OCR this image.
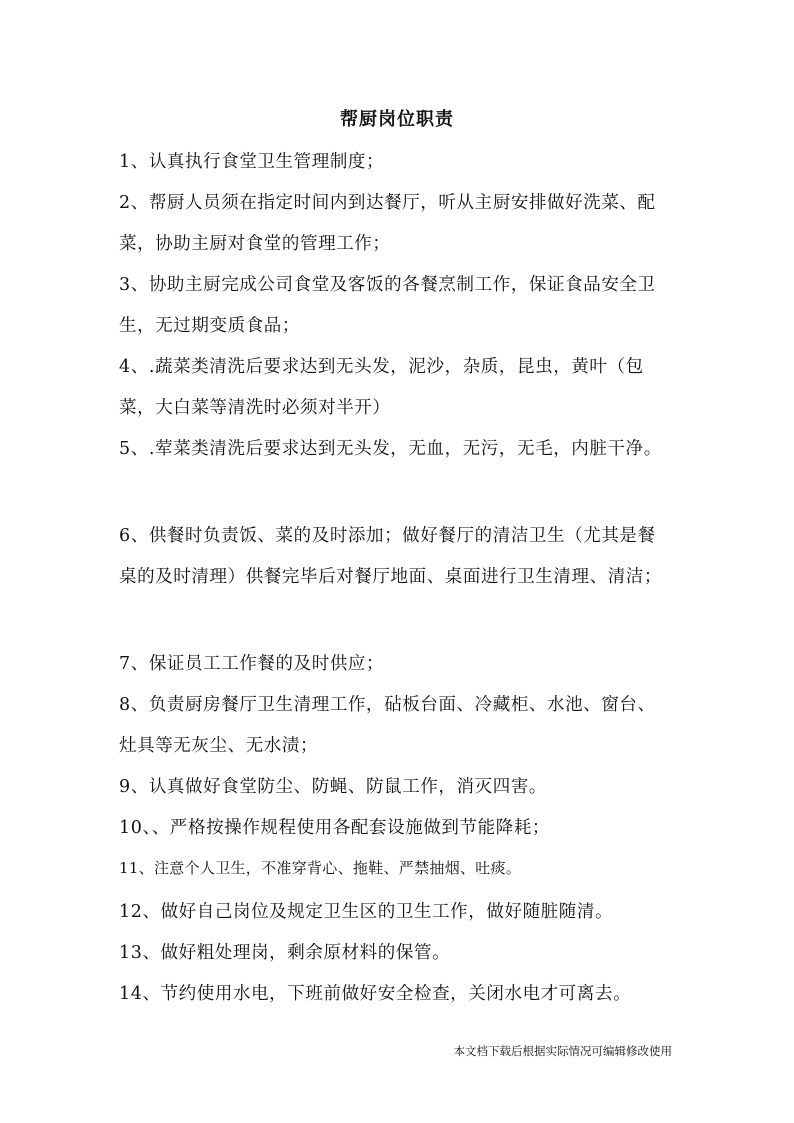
帮厨岗位职责
1、认真执行食堂卫生管理制度；
2、帮厨人员须在指定时间内到达餐厅，听从主厨安排做好洗菜、配
菜，协助主厨对食堂的管理工作；
3、协助主厨完成公司食堂及客饭的各餐烹制工作，保证食品安全卫
生，无过期变质食品；
4、.蔬菜类清洗后要求达到无头发，泥沙，杂质，昆虫，黄叶（包
菜，大白菜等清洗时必须对半开）
5、.荤菜类清洗后要求达到无头发，无血，无污，无毛，内脏干净。
6、供餐时负责饭、菜的及时添加；做好餐厅的清洁卫生（尤其是餐
桌的及时清理）供餐完毕后对餐厅地面、桌面进行卫生清理、清洁；
7、保证员工工作餐的及时供应；
8、负责厨房餐厅卫生清理工作，砧板台面、冷藏柜、水池、窗台、
灶具等无灰尘、无水渍；
9、认真做好食堂防尘、防蝇、防鼠工作，消灭四害。
10、、严格按操作规程使用各配套设施做到节能降耗；
11、注意个人卫生，不准穿背心、拖鞋、严禁抽烟、吐痰。
12、做好自己岗位及规定卫生区的卫生工作，做好随脏随清。
13、做好粗处理岗，剩余原材料的保管。
14、节约使用水电，下班前做好安全检查，关闭水电才可离去。
本文档下载后根据实际情况可编辑修改使用
